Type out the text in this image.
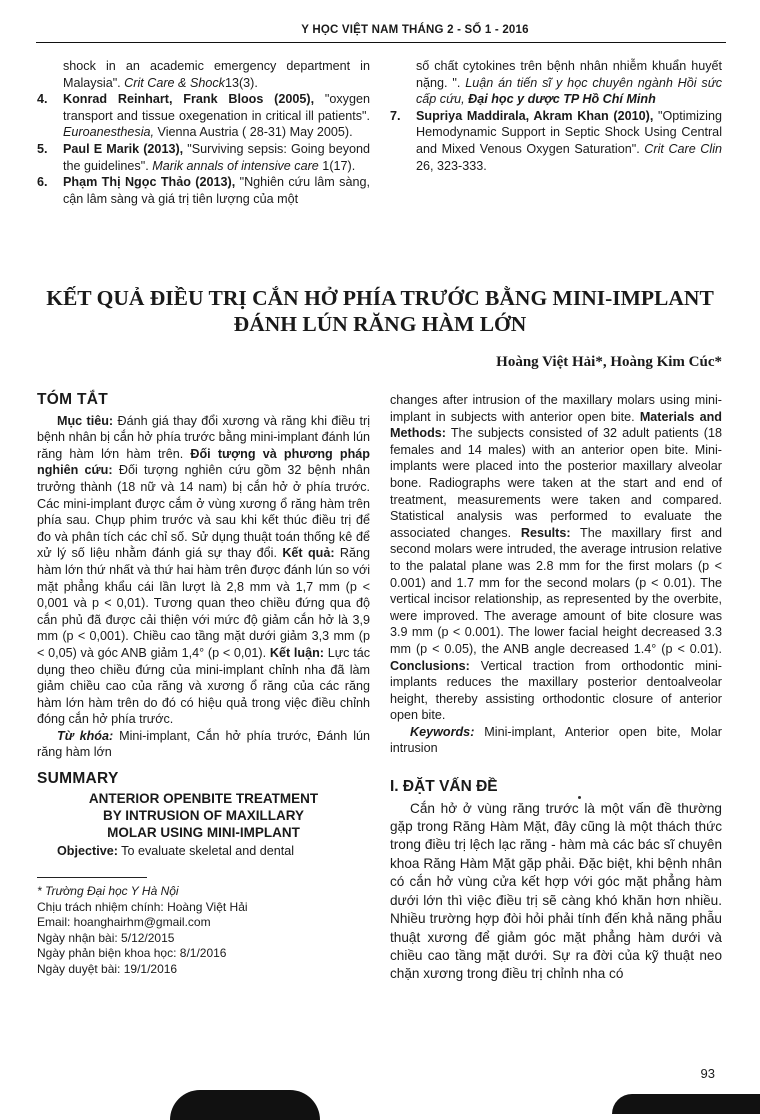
Y HỌC VIỆT NAM THÁNG 2 - SỐ 1 - 2016
shock in an academic emergency department in Malaysia". Crit Care & Shock13(3).
4.	Konrad Reinhart, Frank Bloos (2005), "oxygen transport and tissue oxegenation in critical ill patients". Euroanesthesia, Vienna Austria ( 28-31) May 2005).
5.	Paul E Marik (2013), "Surviving sepsis: Going beyond the guidelines". Marik annals of intensive care 1(17).
6.	Phạm Thị Ngọc Thảo (2013), "Nghiên cứu lâm sàng, cận lâm sàng và giá trị tiên lượng của một
số chất cytokines trên bệnh nhân nhiễm khuẩn huyết nặng. ". Luận án tiến sĩ y học chuyên ngành Hồi sức cấp cứu, Đại học y dược TP Hồ Chí Minh
7.	Supriya Maddirala, Akram Khan (2010), "Optimizing Hemodynamic Support in Septic Shock Using Central and Mixed Venous Oxygen Saturation". Crit Care Clin 26, 323-333.
KẾT QUẢ ĐIỀU TRỊ CẮN HỞ PHÍA TRƯỚC BẰNG MINI-IMPLANT
ĐÁNH LÚN RĂNG HÀM LỚN
Hoàng Việt Hải*, Hoàng Kim Cúc*
TÓM TẮT

Mục tiêu: Đánh giá thay đổi xương và răng khi điều trị bệnh nhân bị cắn hở phía trước bằng mini-implant đánh lún răng hàm lớn hàm trên. Đối tượng và phương pháp nghiên cứu: Đối tượng nghiên cứu gồm 32 bệnh nhân trưởng thành (18 nữ và 14 nam) bị cắn hở ở phía trước. Các mini-implant được cắm ở vùng xương ổ răng hàm trên phía sau. Chụp phim trước và sau khi kết thúc điều trị để đo và phân tích các chỉ số. Sử dụng thuật toán thống kê để xử lý số liệu nhằm đánh giá sự thay đổi. Kết quả: Răng hàm lớn thứ nhất và thứ hai hàm trên được đánh lún so với mặt phẳng khẩu cái lần lượt là 2,8 mm và 1,7 mm (p < 0,001 và p < 0,01). Tương quan theo chiều đứng qua độ cắn phủ đã được cải thiện với mức độ giảm cắn hở là 3,9 mm (p < 0,001). Chiều cao tầng mặt dưới giảm 3,3 mm (p < 0,05) và góc ANB giảm 1,4° (p < 0,01). Kết luận: Lực tác dụng theo chiều đứng của mini-implant chỉnh nha đã làm giảm chiều cao của răng và xương ổ răng của các răng hàm lớn hàm trên do đó có hiệu quả trong việc điều chỉnh đóng cắn hở phía trước.

Từ khóa: Mini-implant, Cắn hở phía trước, Đánh lún răng hàm lớn

SUMMARY
ANTERIOR OPENBITE TREATMENT
BY INTRUSION OF MAXILLARY
MOLAR USING MINI-IMPLANT

Objective: To evaluate skeletal and dental

* Trường Đại học Y Hà Nội
Chịu trách nhiệm chính: Hoàng Việt Hải
Email: hoanghairhm@gmail.com
Ngày nhận bài: 5/12/2015
Ngày phản biện khoa học: 8/1/2016
Ngày duyệt bài: 19/1/2016

changes after intrusion of the maxillary molars using mini-implant in subjects with anterior open bite. Materials and Methods: The subjects consisted of 32 adult patients (18 females and 14 males) with an anterior open bite. Mini-implants were placed into the posterior maxillary alveolar bone. Radiographs were taken at the start and end of treatment, measurements were taken and compared. Statistical analysis was performed to evaluate the associated changes. Results: The maxillary first and second molars were intruded, the average intrusion relative to the palatal plane was 2.8 mm for the first molars (p < 0.001) and 1.7 mm for the second molars (p < 0.01). The vertical incisor relationship, as represented by the overbite, were improved. The average amount of bite closure was 3.9 mm (p < 0.001). The lower facial height decreased 3.3 mm (p < 0.05), the ANB angle decreased 1.4° (p < 0.01). Conclusions: Vertical traction from orthodontic mini-implants reduces the maxillary posterior dentoalveolar height, thereby assisting orthodontic closure of anterior open bite.

Keywords: Mini-implant, Anterior open bite, Molar intrusion

I. ĐẶT VẤN ĐỀ

Cắn hở ở vùng răng trước là một vấn đề thường gặp trong Răng Hàm Mặt, đây cũng là một thách thức trong điều trị lệch lạc răng - hàm mà các bác sĩ chuyên khoa Răng Hàm Mặt gặp phải. Đặc biệt, khi bệnh nhân có cắn hở vùng cửa kết hợp với góc mặt phẳng hàm dưới lớn thì việc điều trị sẽ càng khó khăn hơn nhiều. Nhiều trường hợp đòi hỏi phải tính đến khả năng phẫu thuật xương để giảm góc mặt phẳng hàm dưới và chiều cao tầng mặt dưới. Sự ra đời của kỹ thuật neo chặn xương trong điều trị chỉnh nha có

93
